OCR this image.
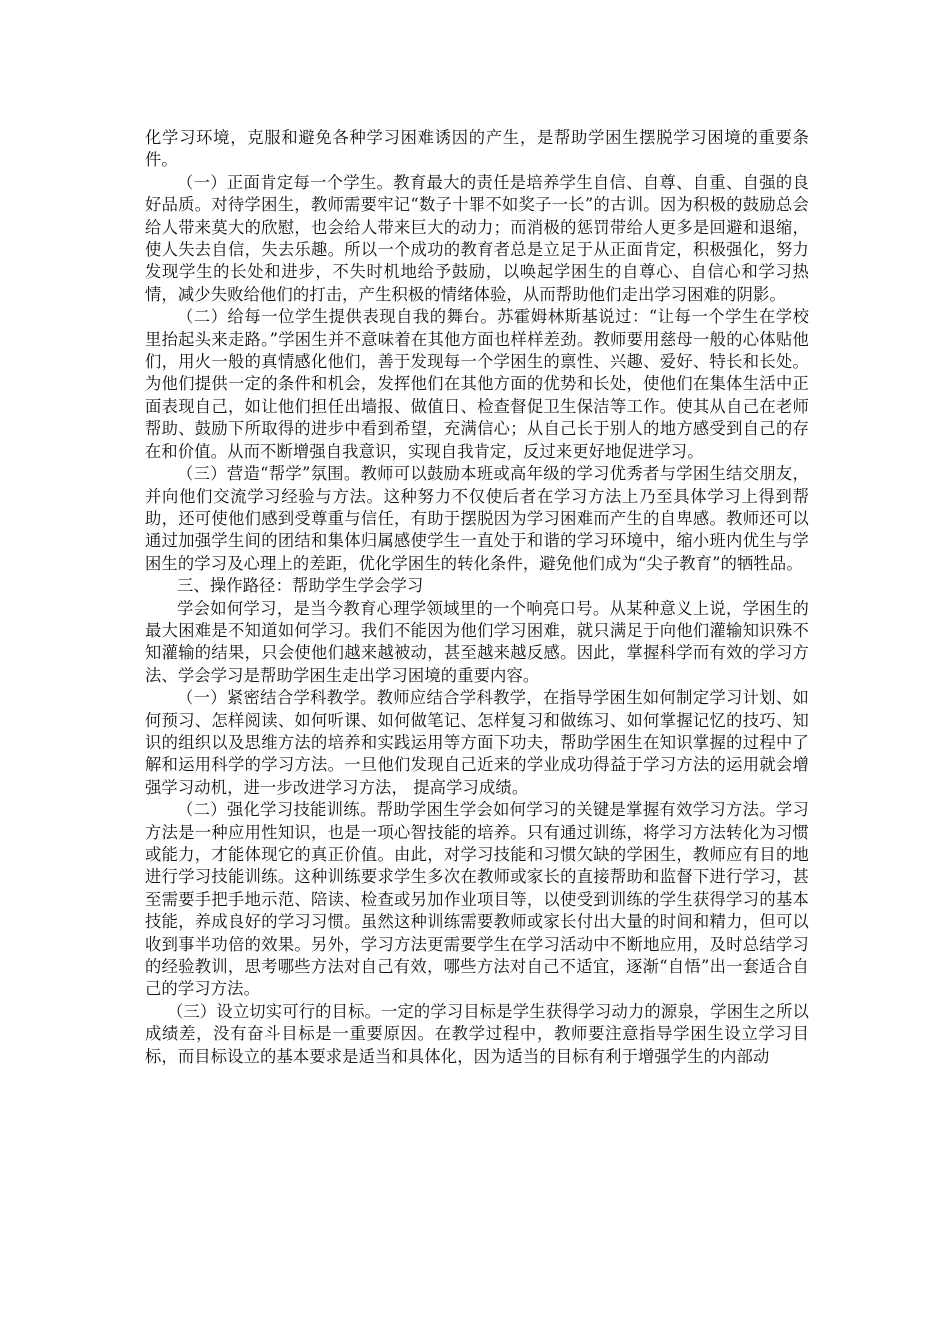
化学习环境，克服和避免各种学习困难诱因的产生，是帮助学困生摆脱学习困境的重要条件。

（一）正面肯定每一个学生。教育最大的责任是培养学生自信、自尊、自重、自强的良好品质。对待学困生，教师需要牢记“数子十罪不如奖子一长”的古训。因为积极的鼓励总会给人带来莫大的欣慰，也会给人带来巨大的动力；而消极的惩罚带给人更多是回避和退缩，使人失去自信，失去乐趣。所以一个成功的教育者总是立足于从正面肯定，积极强化，努力发现学生的长处和进步，不失时机地给予鼓励，以唤起学困生的自尊心、自信心和学习热情，减少失败给他们的打击，产生积极的情绪体验，从而帮助他们走出学习困难的阴影。

（二）给每一位学生提供表现自我的舞台。苏霍姆林斯基说过：“让每一个学生在学校里抬起头来走路。”学困生并不意味着在其他方面也样样差劲。教师要用慈母一般的心体贴他们，用火一般的真情感化他们，善于发现每一个学困生的禀性、兴趣、爱好、特长和长处。为他们提供一定的条件和机会，发挥他们在其他方面的优势和长处，使他们在集体生活中正面表现自己，如让他们担任出墙报、做值日、检查督促卫生保洁等工作。使其从自己在老师帮助、鼓励下所取得的进步中看到希望，充满信心；从自己长于别人的地方感受到自己的存在和价值。从而不断增强自我意识，实现自我肯定，反过来更好地促进学习。

（三）营造“帮学”氛围。教师可以鼓励本班或高年级的学习优秀者与学困生结交朋友，并向他们交流学习经验与方法。这种努力不仅使后者在学习方法上乃至具体学习上得到帮助，还可使他们感到受尊重与信任，有助于摆脱因为学习困难而产生的自卑感。教师还可以通过加强学生间的团结和集体归属感使学生一直处于和谐的学习环境中，缩小班内优生与学困生的学习及心理上的差距，优化学困生的转化条件，避免他们成为“尖子教育”的牺牲品。

三、操作路径：帮助学生学会学习

学会如何学习，是当今教育心理学领域里的一个响亮口号。从某种意义上说，学困生的最大困难是不知道如何学习。我们不能因为他们学习困难，就只满足于向他们灌输知识殊不知灌输的结果，只会使他们越来越被动，甚至越来越反感。因此，掌握科学而有效的学习方法、学会学习是帮助学困生走出学习困境的重要内容。

（一）紧密结合学科教学。教师应结合学科教学，在指导学困生如何制定学习计划、如何预习、怎样阅读、如何听课、如何做笔记、怎样复习和做练习、如何掌握记忆的技巧、知识的组织以及思维方法的培养和实践运用等方面下功夫，帮助学困生在知识掌握的过程中了解和运用科学的学习方法。一旦他们发现自己近来的学业成功得益于学习方法的运用就会增强学习动机，进一步改进学习方法， 提高学习成绩。

（二）强化学习技能训练。帮助学困生学会如何学习的关键是掌握有效学习方法。学习方法是一种应用性知识，也是一项心智技能的培养。只有通过训练，将学习方法转化为习惯或能力，才能体现它的真正价值。由此，对学习技能和习惯欠缺的学困生，教师应有目的地进行学习技能训练。这种训练要求学生多次在教师或家长的直接帮助和监督下进行学习，甚至需要手把手地示范、陪读、检查或另加作业项目等，以使受到训练的学生获得学习的基本技能，养成良好的学习习惯。虽然这种训练需要教师或家长付出大量的时间和精力，但可以收到事半功倍的效果。另外，学习方法更需要学生在学习活动中不断地应用，及时总结学习的经验教训，思考哪些方法对自己有效，哪些方法对自己不适宜，逐渐“自悟”出一套适合自己的学习方法。

（三）设立切实可行的目标。一定的学习目标是学生获得学习动力的源泉，学困生之所以成绩差，没有奋斗目标是一重要原因。在教学过程中，教师要注意指导学困生设立学习目标，而目标设立的基本要求是适当和具体化，因为适当的目标有利于增强学生的内部动
